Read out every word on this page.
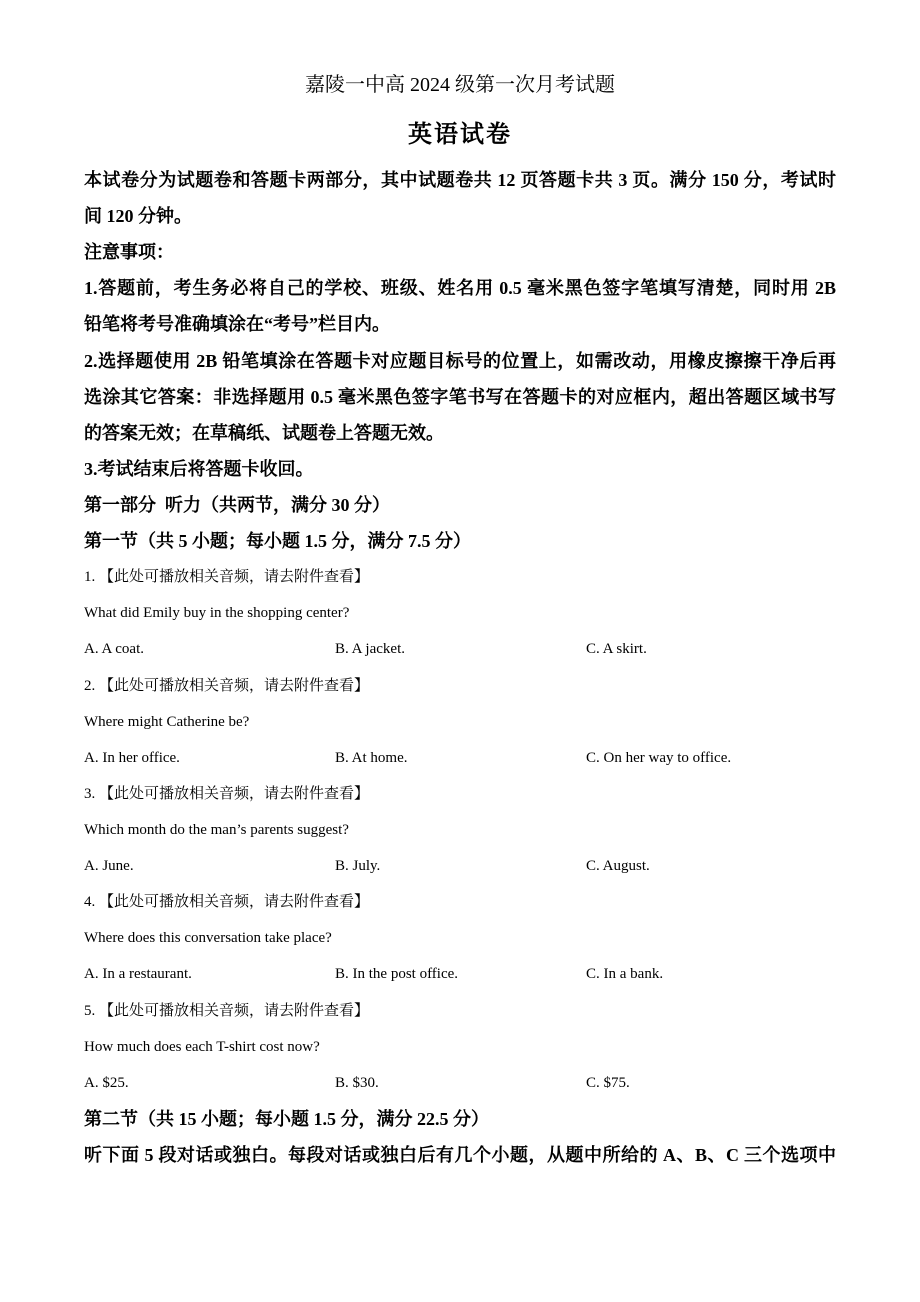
嘉陵一中高 2024 级第一次月考试题
英语试卷
本试卷分为试题卷和答题卡两部分，其中试题卷共 12 页答题卡共 3 页。满分 150 分，考试时
间 120 分钟。
注意事项：
1.答题前，考生务必将自己的学校、班级、姓名用 0.5 毫米黑色签字笔填写清楚，同时用 2B
铅笔将考号准确填涂在“考号”栏目内。
2.选择题使用 2B 铅笔填涂在答题卡对应题目标号的位置上，如需改动，用橡皮擦擦干净后再
选涂其它答案：非选择题用 0.5 毫米黑色签字笔书写在答题卡的对应框内，超出答题区域书写
的答案无效；在草稿纸、试题卷上答题无效。
3.考试结束后将答题卡收回。
第一部分  听力（共两节，满分 30 分）
第一节（共 5 小题；每小题 1.5 分，满分 7.5 分）
1. 【此处可播放相关音频，请去附件查看】
What did Emily buy in the shopping center?
A. A coat.	B. A jacket.	C. A skirt.
2. 【此处可播放相关音频，请去附件查看】
Where might Catherine be?
A. In her office.	B. At home.	C. On her way to office.
3. 【此处可播放相关音频，请去附件查看】
Which month do the man’s parents suggest?
A. June.	B. July.	C. August.
4. 【此处可播放相关音频，请去附件查看】
Where does this conversation take place?
A. In a restaurant.	B. In the post office.	C. In a bank.
5. 【此处可播放相关音频，请去附件查看】
How much does each T-shirt cost now?
A. $25.	B. $30.	C. $75.
第二节（共 15 小题；每小题 1.5 分，满分 22.5 分）
听下面 5 段对话或独白。每段对话或独白后有几个小题，从题中所给的 A、B、C 三个选项中
